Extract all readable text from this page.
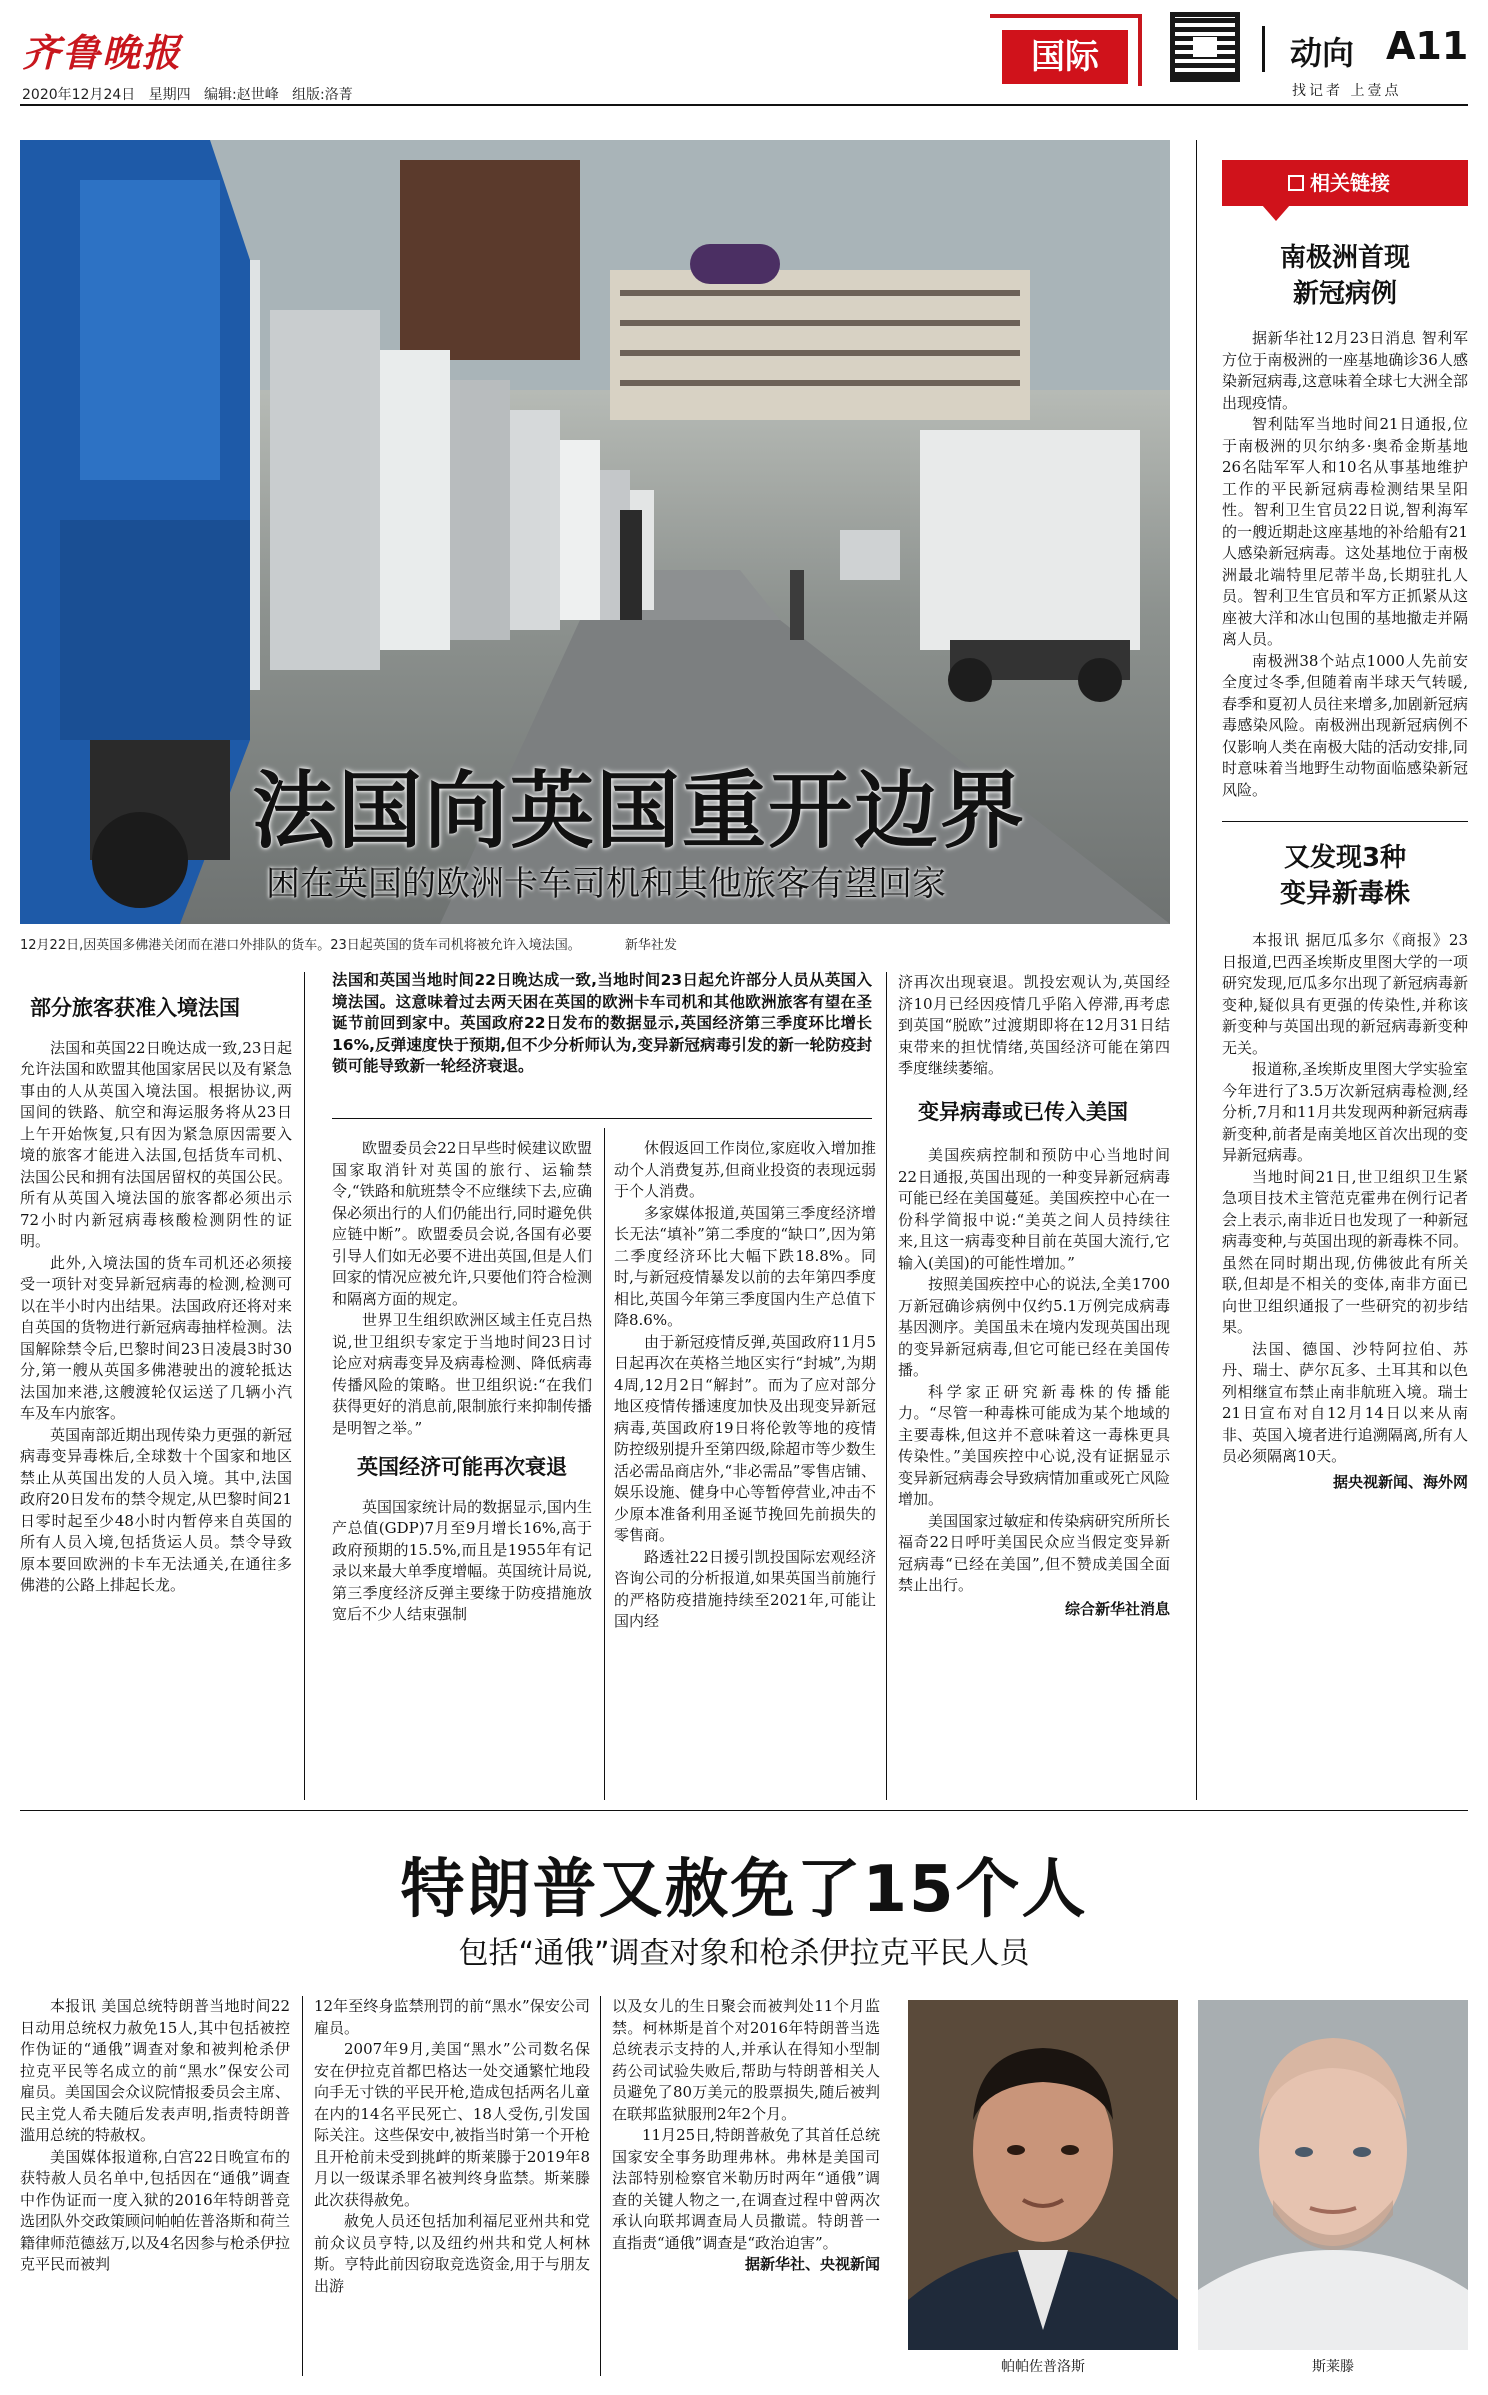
齐鲁晚报
2020年12月24日 星期四 编辑:赵世峰 组版:洛菁
国际	动向 A11
找记者 上壹点
法国向英国重开边界
困在英国的欧洲卡车司机和其他旅客有望回家
12月22日,因英国多佛港关闭而在港口外排队的货车。23日起英国的货车司机将被允许入境法国。	新华社发
部分旅客获准入境法国

法国和英国22日晚达成一致,23日起允许法国和欧盟其他国家居民以及有紧急事由的人从英国入境法国。根据协议,两国间的铁路、航空和海运服务将从23日上午开始恢复,只有因为紧急原因需要入境的旅客才能进入法国,包括货车司机、法国公民和拥有法国居留权的英国公民。所有从英国入境法国的旅客都必须出示72小时内新冠病毒核酸检测阴性的证明。

此外,入境法国的货车司机还必须接受一项针对变异新冠病毒的检测,检测可以在半小时内出结果。法国政府还将对来自英国的货物进行新冠病毒抽样检测。法国解除禁令后,巴黎时间23日凌晨3时30分,第一艘从英国多佛港驶出的渡轮抵达法国加来港,这艘渡轮仅运送了几辆小汽车及车内旅客。

英国南部近期出现传染力更强的新冠病毒变异毒株后,全球数十个国家和地区禁止从英国出发的人员入境。其中,法国政府20日发布的禁令规定,从巴黎时间21日零时起至少48小时内暂停来自英国的所有人员入境,包括货运人员。禁令导致原本要回欧洲的卡车无法通关,在通往多佛港的公路上排起长龙。

法国和英国当地时间22日晚达成一致,当地时间23日起允许部分人员从英国入境法国。这意味着过去两天困在英国的欧洲卡车司机和其他欧洲旅客有望在圣诞节前回到家中。英国政府22日发布的数据显示,英国经济第三季度环比增长16%,反弹速度快于预期,但不少分析师认为,变异新冠病毒引发的新一轮防疫封锁可能导致新一轮经济衰退。

欧盟委员会22日早些时候建议欧盟国家取消针对英国的旅行、运输禁令,“铁路和航班禁令不应继续下去,应确保必须出行的人们仍能出行,同时避免供应链中断”。欧盟委员会说,各国有必要引导人们如无必要不进出英国,但是人们回家的情况应被允许,只要他们符合检测和隔离方面的规定。

世界卫生组织欧洲区域主任克吕热说,世卫组织专家定于当地时间23日讨论应对病毒变异及病毒检测、降低病毒传播风险的策略。世卫组织说:“在我们获得更好的消息前,限制旅行来抑制传播是明智之举。”

英国经济可能再次衰退

英国国家统计局的数据显示,国内生产总值(GDP)7月至9月增长16%,高于政府预期的15.5%,而且是1955年有记录以来最大单季度增幅。英国统计局说,第三季度经济反弹主要缘于防疫措施放宽后不少人结束强制

休假返回工作岗位,家庭收入增加推动个人消费复苏,但商业投资的表现远弱于个人消费。

多家媒体报道,英国第三季度经济增长无法“填补”第二季度的“缺口”,因为第二季度经济环比大幅下跌18.8%。同时,与新冠疫情暴发以前的去年第四季度相比,英国今年第三季度国内生产总值下降8.6%。

由于新冠疫情反弹,英国政府11月5日起再次在英格兰地区实行“封城”,为期4周,12月2日“解封”。而为了应对部分地区疫情传播速度加快及出现变异新冠病毒,英国政府19日将伦敦等地的疫情防控级别提升至第四级,除超市等少数生活必需品商店外,“非必需品”零售店铺、娱乐设施、健身中心等暂停营业,冲击不少原本准备利用圣诞节挽回先前损失的零售商。

路透社22日援引凯投国际宏观经济咨询公司的分析报道,如果英国当前施行的严格防疫措施持续至2021年,可能让国内经

济再次出现衰退。凯投宏观认为,英国经济10月已经因疫情几乎陷入停滞,再考虑到英国“脱欧”过渡期即将在12月31日结束带来的担忧情绪,英国经济可能在第四季度继续萎缩。

变异病毒或已传入美国

美国疾病控制和预防中心当地时间22日通报,英国出现的一种变异新冠病毒可能已经在美国蔓延。美国疾控中心在一份科学简报中说:“美英之间人员持续往来,且这一病毒变种目前在英国大流行,它输入(美国)的可能性增加。”

按照美国疾控中心的说法,全美1700万新冠确诊病例中仅约5.1万例完成病毒基因测序。美国虽未在境内发现英国出现的变异新冠病毒,但它可能已经在美国传播。

科学家正研究新毒株的传播能力。“尽管一种毒株可能成为某个地域的主要毒株,但这并不意味着这一毒株更具传染性。”美国疾控中心说,没有证据显示变异新冠病毒会导致病情加重或死亡风险增加。

美国国家过敏症和传染病研究所所长福奇22日呼吁美国民众应当假定变异新冠病毒“已经在美国”,但不赞成美国全面禁止出行。

综合新华社消息
相关链接
南极洲首现
新冠病例

据新华社12月23日消息 智利军方位于南极洲的一座基地确诊36人感染新冠病毒,这意味着全球七大洲全部出现疫情。

智利陆军当地时间21日通报,位于南极洲的贝尔纳多·奥希金斯基地26名陆军军人和10名从事基地维护工作的平民新冠病毒检测结果呈阳性。智利卫生官员22日说,智利海军的一艘近期赴这座基地的补给船有21人感染新冠病毒。这处基地位于南极洲最北端特里尼蒂半岛,长期驻扎人员。智利卫生官员和军方正抓紧从这座被大洋和冰山包围的基地撤走并隔离人员。

南极洲38个站点1000人先前安全度过冬季,但随着南半球天气转暖,春季和夏初人员往来增多,加剧新冠病毒感染风险。南极洲出现新冠病例不仅影响人类在南极大陆的活动安排,同时意味着当地野生动物面临感染新冠风险。

又发现3种
变异新毒株

本报讯 据厄瓜多尔《商报》23日报道,巴西圣埃斯皮里图大学的一项研究发现,厄瓜多尔出现了新冠病毒新变种,疑似具有更强的传染性,并称该新变种与英国出现的新冠病毒新变种无关。

报道称,圣埃斯皮里图大学实验室今年进行了3.5万次新冠病毒检测,经分析,7月和11月共发现两种新冠病毒新变种,前者是南美地区首次出现的变异新冠病毒。

当地时间21日,世卫组织卫生紧急项目技术主管范克霍弗在例行记者会上表示,南非近日也发现了一种新冠病毒变种,与英国出现的新毒株不同。虽然在同时期出现,仿佛彼此有所关联,但却是不相关的变体,南非方面已向世卫组织通报了一些研究的初步结果。

法国、德国、沙特阿拉伯、苏丹、瑞士、萨尔瓦多、土耳其和以色列相继宣布禁止南非航班入境。瑞士21日宣布对自12月14日以来从南非、英国入境者进行追溯隔离,所有人员必须隔离10天。

据央视新闻、海外网
特朗普又赦免了15个人
包括“通俄”调查对象和枪杀伊拉克平民人员

本报讯 美国总统特朗普当地时间22日动用总统权力赦免15人,其中包括被控作伪证的“通俄”调查对象和被判枪杀伊拉克平民等名成立的前“黑水”保安公司雇员。美国国会众议院情报委员会主席、民主党人希夫随后发表声明,指责特朗普滥用总统的特赦权。

美国媒体报道称,白宫22日晚宣布的获特赦人员名单中,包括因在“通俄”调查中作伪证而一度入狱的2016年特朗普竞选团队外交政策顾问帕帕佐普洛斯和荷兰籍律师范德兹万,以及4名因参与枪杀伊拉克平民而被判

12年至终身监禁刑罚的前“黑水”保安公司雇员。

2007年9月,美国“黑水”公司数名保安在伊拉克首都巴格达一处交通繁忙地段向手无寸铁的平民开枪,造成包括两名儿童在内的14名平民死亡、18人受伤,引发国际关注。这些保安中,被指当时第一个开枪且开枪前未受到挑衅的斯莱滕于2019年8月以一级谋杀罪名被判终身监禁。斯莱滕此次获得赦免。

赦免人员还包括加利福尼亚州共和党前众议员亨特,以及纽约州共和党人柯林斯。亨特此前因窃取竞选资金,用于与朋友出游

以及女儿的生日聚会而被判处11个月监禁。柯林斯是首个对2016年特朗普当选总统表示支持的人,并承认在得知小型制药公司试验失败后,帮助与特朗普相关人员避免了80万美元的股票损失,随后被判在联邦监狱服刑2年2个月。

11月25日,特朗普赦免了其首任总统国家安全事务助理弗林。弗林是美国司法部特别检察官米勒历时两年“通俄”调查的关键人物之一,在调查过程中曾两次承认向联邦调查局人员撒谎。特朗普一直指责“通俄”调查是“政治迫害”。

据新华社、央视新闻
帕帕佐普洛斯	斯莱滕
